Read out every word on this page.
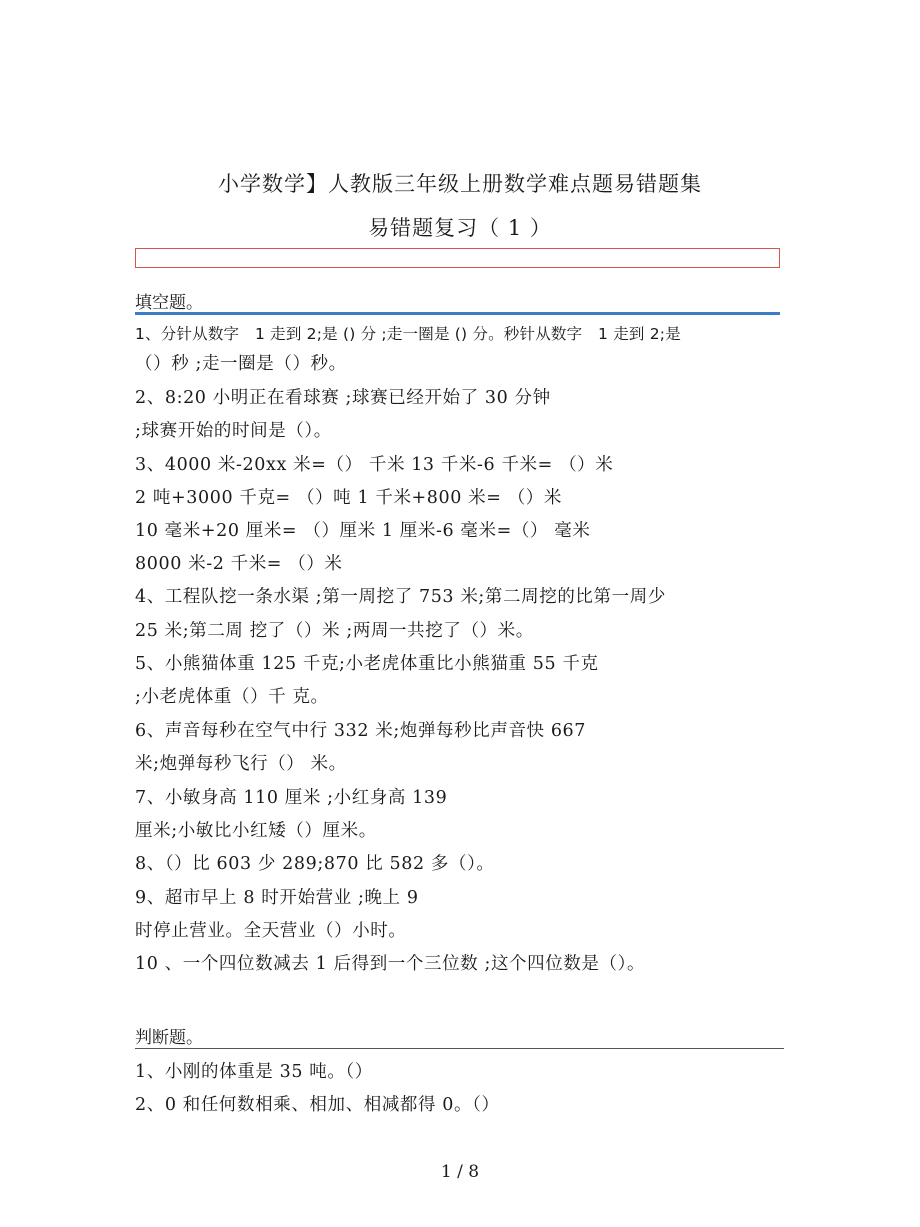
小学数学】人教版三年级上册数学难点题易错题集
易错题复习（ 1 ）
填空题。
1、分针从数字　1 走到 2;是 () 分 ;走一圈是 () 分。秒针从数字　1 走到 2;是
（）秒 ;走一圈是（）秒。
2、8:20 小明正在看球赛 ;球赛已经开始了 30 分钟
;球赛开始的时间是（）。
3、4000 米-20xx 米=（） 千米 13 千米-6 千米= （）米
2 吨+3000 千克= （）吨 1 千米+800 米= （）米
10 毫米+20 厘米= （）厘米 1 厘米-6 毫米=（） 毫米
8000 米-2 千米= （）米
4、工程队挖一条水渠 ;第一周挖了 753 米;第二周挖的比第一周少
25 米;第二周 挖了（）米 ;两周一共挖了（）米。
5、小熊猫体重 125 千克;小老虎体重比小熊猫重 55 千克
;小老虎体重（）千 克。
6、声音每秒在空气中行 332 米;炮弹每秒比声音快 667
米;炮弹每秒飞行（） 米。
7、小敏身高 110 厘米 ;小红身高 139
厘米;小敏比小红矮（）厘米。
8、（）比 603 少 289;870 比 582 多（）。
9、超市早上 8 时开始营业 ;晚上 9
时停止营业。全天营业（）小时。
10 、一个四位数减去 1 后得到一个三位数 ;这个四位数是（）。
判断题。
1、小刚的体重是 35 吨。（）
2、0 和任何数相乘、相加、相减都得 0。（）
1 / 8
